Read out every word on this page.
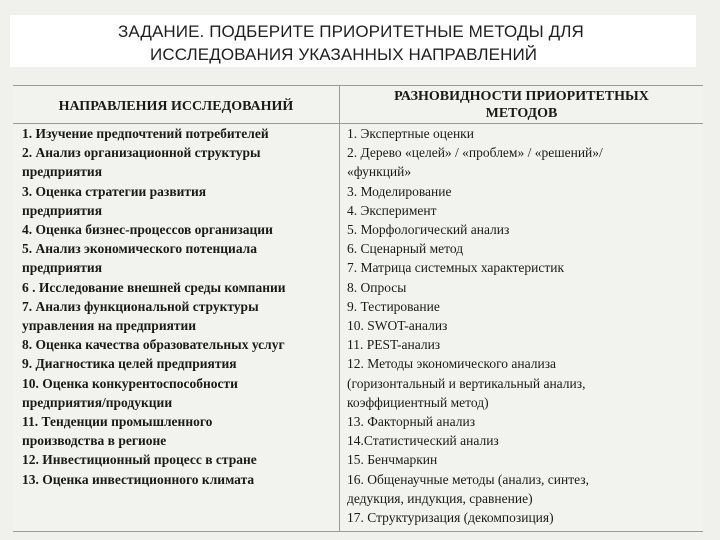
ЗАДАНИЕ. ПОДБЕРИТЕ ПРИОРИТЕТНЫЕ МЕТОДЫ ДЛЯ
ИССЛЕДОВАНИЯ УКАЗАННЫХ НАПРАВЛЕНИЙ
НАПРАВЛЕНИЯ ИССЛЕДОВАНИЙ
РАЗНОВИДНОСТИ ПРИОРИТЕТНЫХ
МЕТОДОВ
1. Изучение предпочтений потребителей
2. Анализ организационной структуры
предприятия
3. Оценка стратегии развития
предприятия
4. Оценка бизнес-процессов организации
5. Анализ экономического потенциала
предприятия
6 . Исследование внешней среды компании
7. Анализ функциональной структуры
управления на предприятии
8. Оценка качества образовательных услуг
9. Диагностика целей предприятия
10. Оценка конкурентоспособности
предприятия/продукции
11. Тенденции промышленного
производства в регионе
12. Инвестиционный процесс в стране
13. Оценка инвестиционного климата
1. Экспертные оценки
2. Дерево «целей» / «проблем» / «решений»/
«функций»
3. Моделирование
4. Эксперимент
5. Морфологический анализ
6. Сценарный метод
7. Матрица системных характеристик
8. Опросы
9. Тестирование
10. SWOT-анализ
11. PEST-анализ
12. Методы экономического анализа
(горизонтальный и вертикальный анализ,
коэффициентный метод)
13. Факторный анализ
14.Статистический анализ
15. Бенчмаркин
16. Общенаучные методы (анализ, синтез,
дедукция, индукция, сравнение)
17. Структуризация (декомпозиция)
